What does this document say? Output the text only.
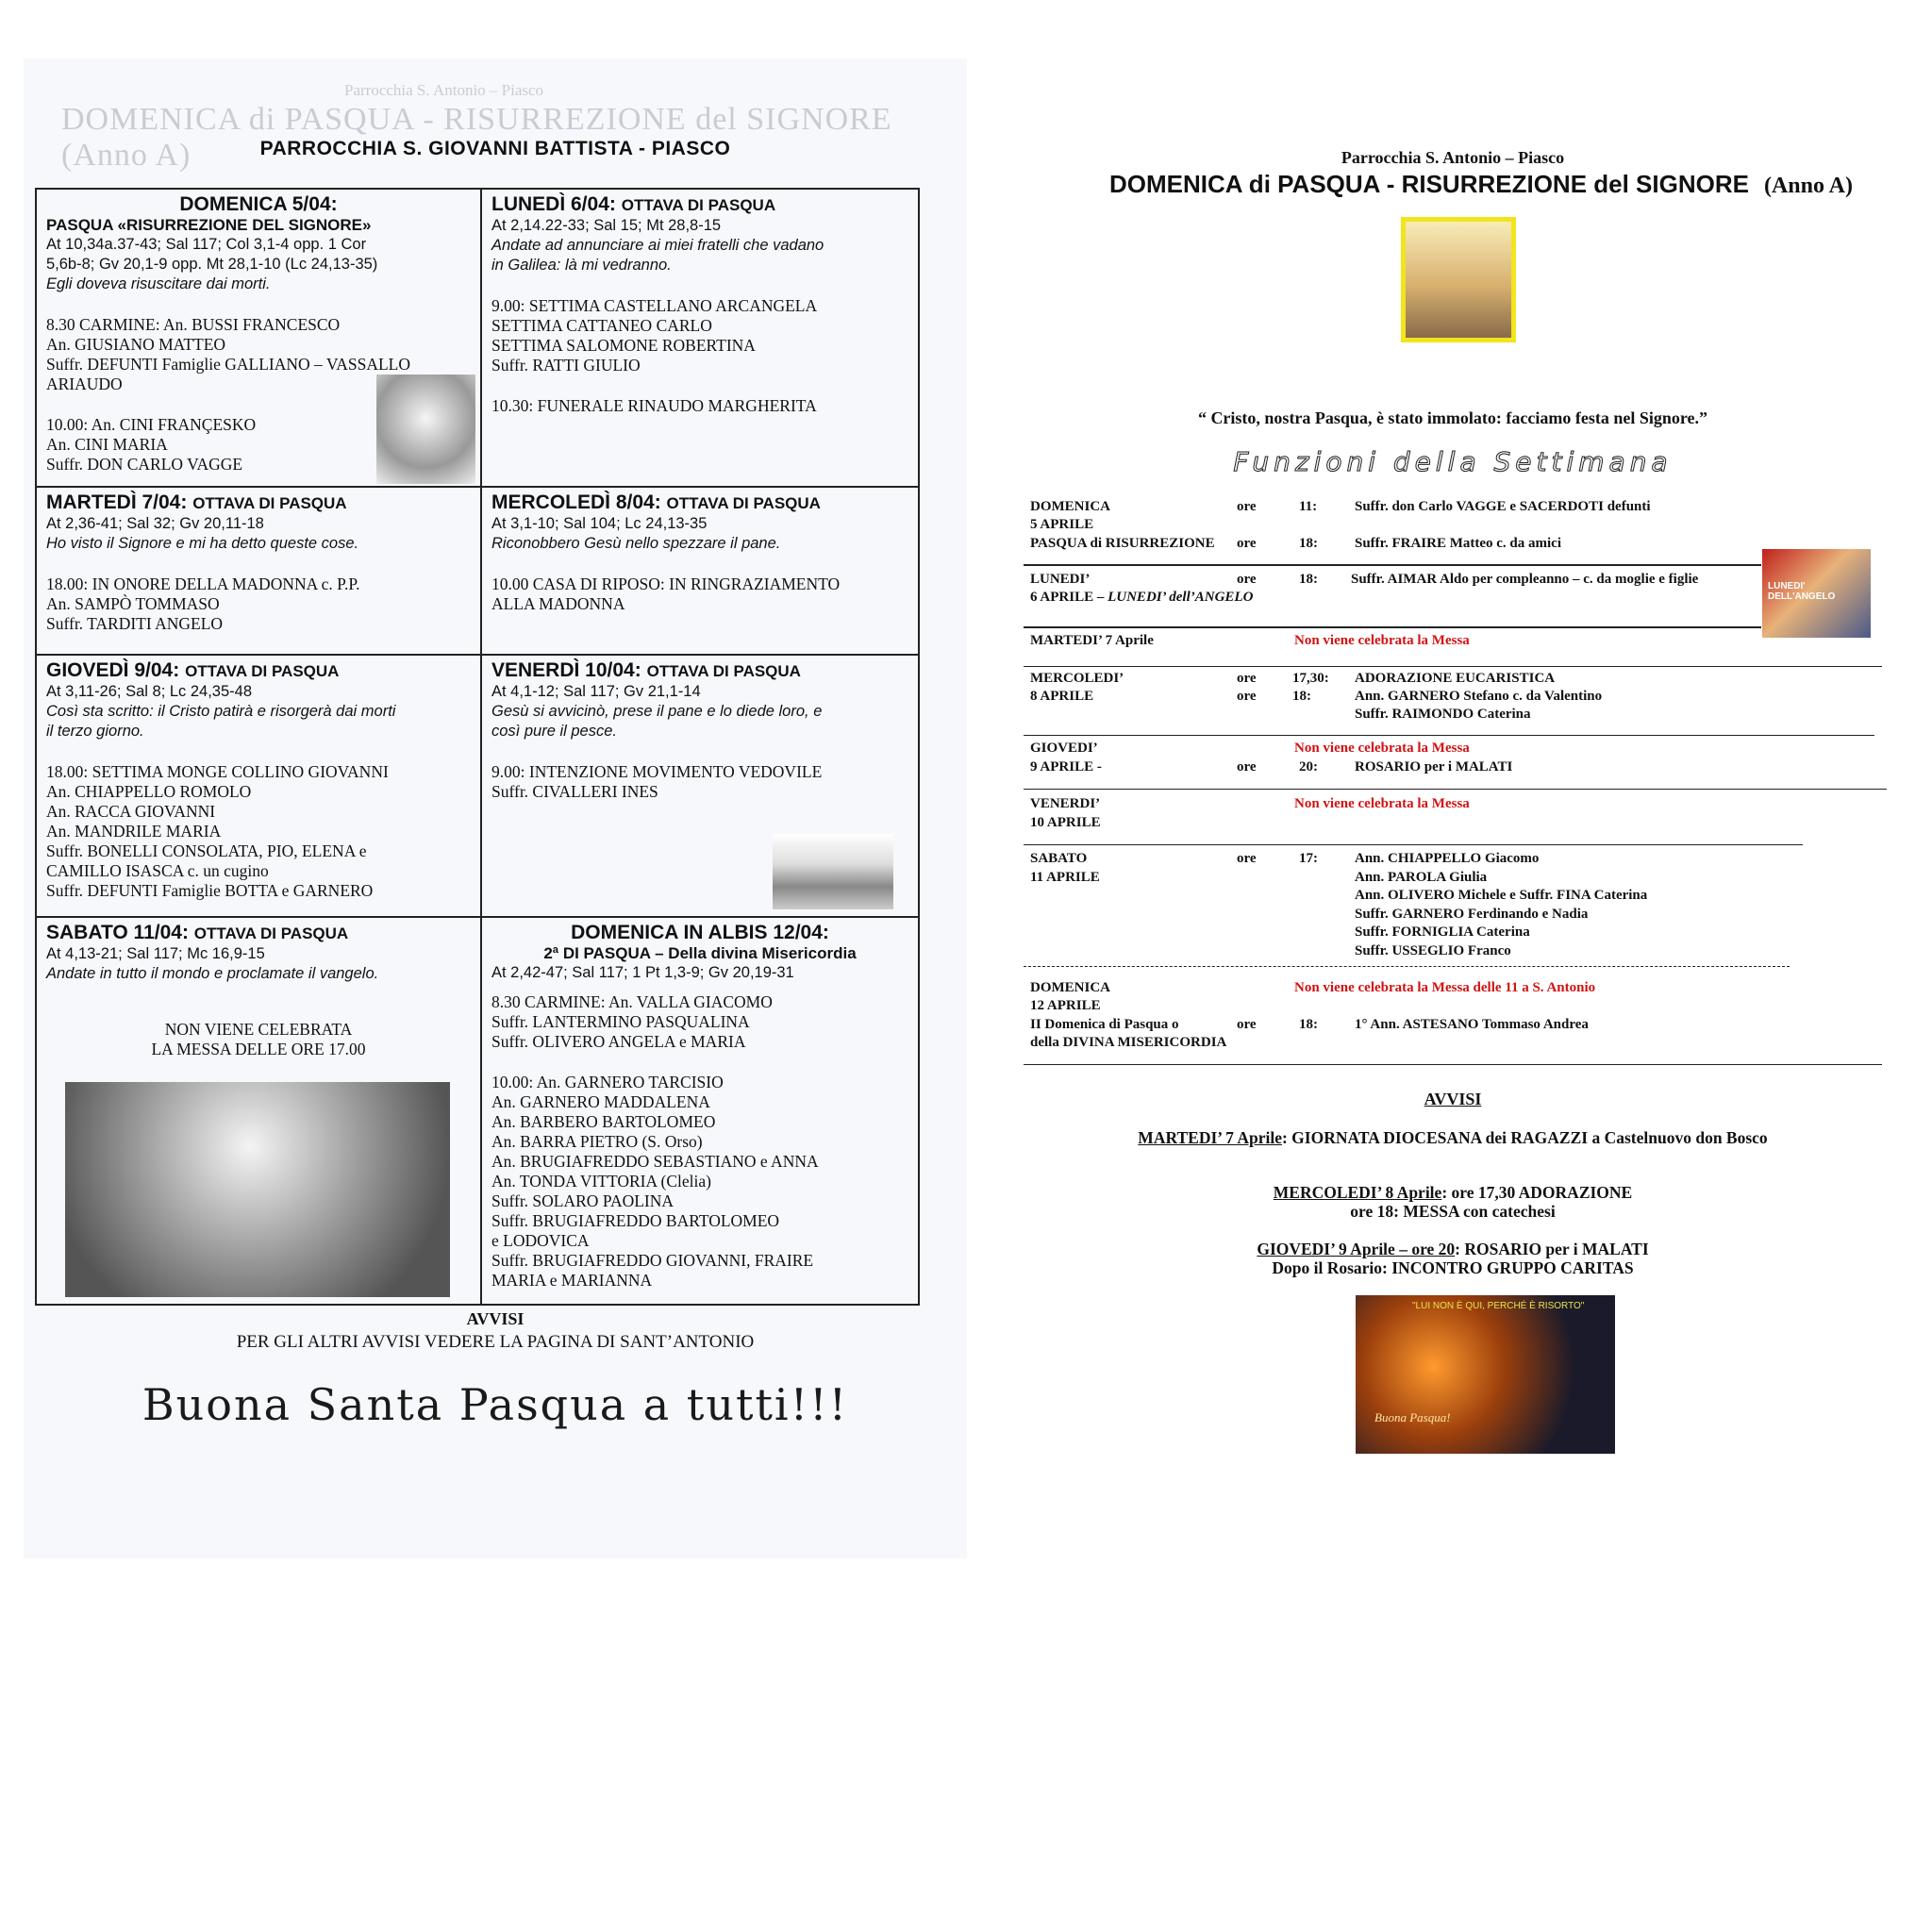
Parrocchia S. Antonio – Piasco
DOMENICA di PASQUA - RISURREZIONE del SIGNORE (Anno A)	PARROCCHIA S. GIOVANNI BATTISTA - PIASCO
DOMENICA 5/04:
PASQUA «RISURREZIONE DEL SIGNORE»
At 10,34a.37-43; Sal 117; Col 3,1-4 opp. 1 Cor
5,6b-8; Gv 20,1-9 opp. Mt 28,1-10 (Lc 24,13-35)
Egli doveva risuscitare dai morti.
8.30 CARMINE: An. BUSSI FRANCESCO
An. GIUSIANO MATTEO
Suffr. DEFUNTI Famiglie GALLIANO – VASSALLO
ARIAUDO
10.00: An. CINI FRANÇESKO
An. CINI MARIA
Suffr. DON CARLO VAGGE
LUNEDÌ 6/04: OTTAVA DI PASQUA
At 2,14.22-33; Sal 15; Mt 28,8-15
Andate ad annunciare ai miei fratelli che vadano
in Galilea: là mi vedranno.
9.00: SETTIMA CASTELLANO ARCANGELA
SETTIMA CATTANEO CARLO
SETTIMA SALOMONE ROBERTINA
Suffr. RATTI GIULIO
10.30: FUNERALE RINAUDO MARGHERITA
MARTEDÌ 7/04: OTTAVA DI PASQUA
At 2,36-41; Sal 32; Gv 20,11-18
Ho visto il Signore e mi ha detto queste cose.
18.00: IN ONORE DELLA MADONNA c. P.P.
An. SAMPÒ TOMMASO
Suffr. TARDITI ANGELO
MERCOLEDÌ 8/04: OTTAVA DI PASQUA
At 3,1-10; Sal 104; Lc 24,13-35
Riconobbero Gesù nello spezzare il pane.
10.00 CASA DI RIPOSO: IN RINGRAZIAMENTO
ALLA MADONNA
GIOVEDÌ 9/04: OTTAVA DI PASQUA
At 3,11-26; Sal 8; Lc 24,35-48
Così sta scritto: il Cristo patirà e risorgerà dai morti
il terzo giorno.
18.00: SETTIMA MONGE COLLINO GIOVANNI
An. CHIAPPELLO ROMOLO
An. RACCA GIOVANNI
An. MANDRILE MARIA
Suffr. BONELLI CONSOLATA, PIO, ELENA e
CAMILLO ISASCA c. un cugino
Suffr. DEFUNTI Famiglie BOTTA e GARNERO
VENERDÌ 10/04: OTTAVA DI PASQUA
At 4,1-12; Sal 117; Gv 21,1-14
Gesù si avvicinò, prese il pane e lo diede loro, e
così pure il pesce.
9.00: INTENZIONE MOVIMENTO VEDOVILE
Suffr. CIVALLERI INES
SABATO 11/04: OTTAVA DI PASQUA
At 4,13-21; Sal 117; Mc 16,9-15
Andate in tutto il mondo e proclamate il vangelo.
NON VIENE CELEBRATA
LA MESSA DELLE ORE 17.00
DOMENICA IN ALBIS 12/04:
2ª DI PASQUA – Della divina Misericordia
At 2,42-47; Sal 117; 1 Pt 1,3-9; Gv 20,19-31
8.30 CARMINE: An. VALLA GIACOMO
Suffr. LANTERMINO PASQUALINA
Suffr. OLIVERO ANGELA e MARIA
10.00: An. GARNERO TARCISIO
An. GARNERO MADDALENA
An. BARBERO BARTOLOMEO
An. BARRA PIETRO (S. Orso)
An. BRUGIAFREDDO SEBASTIANO e ANNA
An. TONDA VITTORIA (Clelia)
Suffr. SOLARO PAOLINA
Suffr. BRUGIAFREDDO BARTOLOMEO
e LODOVICA
Suffr. BRUGIAFREDDO GIOVANNI, FRAIRE
MARIA e MARIANNA
AVVISI
PER GLI ALTRI AVVISI VEDERE LA PAGINA DI SANT’ANTONIO
Buona Santa Pasqua a tutti!!!
Parrocchia S. Antonio – Piasco
DOMENICA di PASQUA - RISURREZIONE del SIGNORE (Anno A)
“ Cristo, nostra Pasqua, è stato immolato: facciamo festa nel Signore.”
Funzioni della Settimana
DOMENICA
5 APRILE
PASQUA di RISURREZIONE
ore	11:	Suffr. don Carlo VAGGE e SACERDOTI defunti
ore	18:	Suffr. FRAIRE Matteo c. da amici
LUNEDI’
6 APRILE – LUNEDI’ dell’ANGELO
ore	18: Suffr. AIMAR Aldo per compleanno – c. da moglie e figlie	LUNEDI' DELL'ANGELO
MARTEDI’ 7 Aprile	Non viene celebrata la Messa
MERCOLEDI’
8 APRILE
ore	17,30: ADORAZIONE EUCARISTICA
ore	18:	Ann. GARNERO Stefano c. da Valentino
Suffr. RAIMONDO Caterina
GIOVEDI’
9 APRILE -
Non viene celebrata la Messa
ore	20:	ROSARIO per i MALATI
VENERDI’
10 APRILE
Non viene celebrata la Messa
SABATO
11 APRILE
ore	17:	Ann. CHIAPPELLO Giacomo
Ann. PAROLA Giulia
Ann. OLIVERO Michele e Suffr. FINA Caterina
Suffr. GARNERO Ferdinando e Nadia
Suffr. FORNIGLIA Caterina
Suffr. USSEGLIO Franco
DOMENICA
12 APRILE
II Domenica di Pasqua o
della DIVINA MISERICORDIA
Non viene celebrata la Messa delle 11 a S. Antonio
ore	18:	1° Ann. ASTESANO Tommaso Andrea
AVVISI
MARTEDI’ 7 Aprile: GIORNATA DIOCESANA dei RAGAZZI a Castelnuovo don Bosco
MERCOLEDI’ 8 Aprile: ore 17,30 ADORAZIONE
ore 18: MESSA con catechesi
GIOVEDI’ 9 Aprile – ore 20: ROSARIO per i MALATI
Dopo il Rosario: INCONTRO GRUPPO CARITAS
"LUI NON È QUI, PERCHÉ È RISORTO"
Buona Pasqua!
